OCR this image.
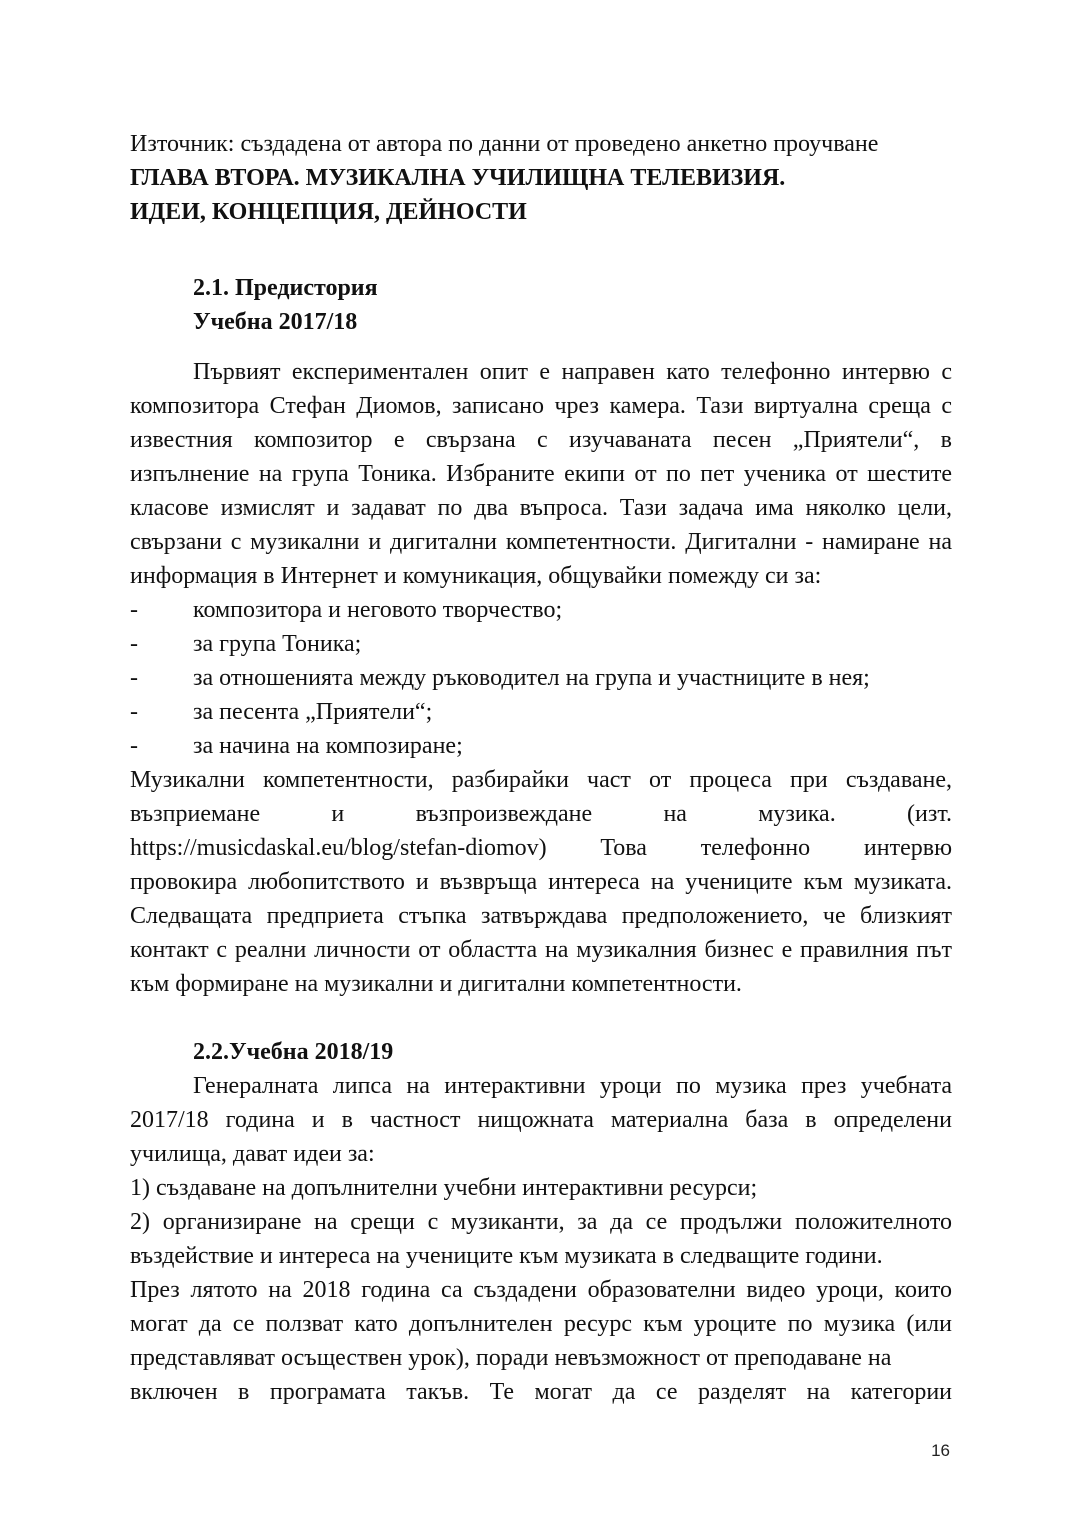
Източник: създадена от автора по данни от проведено анкетно проучване

ГЛАВА ВТОРА. МУЗИКАЛНА УЧИЛИЩНА ТЕЛЕВИЗИЯ.
ИДЕИ, КОНЦЕПЦИЯ, ДЕЙНОСТИ
2.1. Предистория
Учебна 2017/18

Първият експериментален опит е направен като телефонно интервю с композитора Стефан Диомов, записано чрез камера. Тази виртуална среща с известния композитор е свързана с изучаваната песен „Приятели“, в изпълнение на група Тоника. Избраните екипи от по пет ученика от шестите класове измислят и задават по два въпроса. Тази задача има няколко цели, свързани с музикални и дигитални компетентности. Дигитални - намиране на информация в Интернет и комуникация, общувайки помежду си за:

- композитора и неговото творчество;
- за група Тоника;
- за отношенията между ръководител на група и участниците в нея;
- за песента „Приятели“;
- за начина на композиране;

Музикални компетентности, разбирайки част от процеса при създаване,

възприемане и възпроизвеждане на музика. (изт.

https://musicdaskal.eu/blog/stefan-diomov) Това телефонно интервю

провокира любопитството и възвръща интереса на учениците към музиката. Следващата предприета стъпка затвърждава предположението, че близкият контакт с реални личности от областта на музикалния бизнес е правилния път към формиране на музикални и дигитални компетентности.

2.2.Учебна 2018/19

Генералната липса на интерактивни уроци по музика през учебната 2017/18 година и в частност нищожната материална база в определени училища, дават идеи за:

1) създаване на допълнителни учебни интерактивни ресурси;

2) организиране на срещи с музиканти, за да се продължи положителното въздействие и интереса на учениците към музиката в следващите години.

През лятото на 2018 година са създадени образователни видео уроци, които могат да се ползват като допълнителен ресурс към уроците по музика (или представляват осъществен урок), поради невъзможност от преподаване на

включен в програмата такъв. Те могат да се разделят на категории

16
